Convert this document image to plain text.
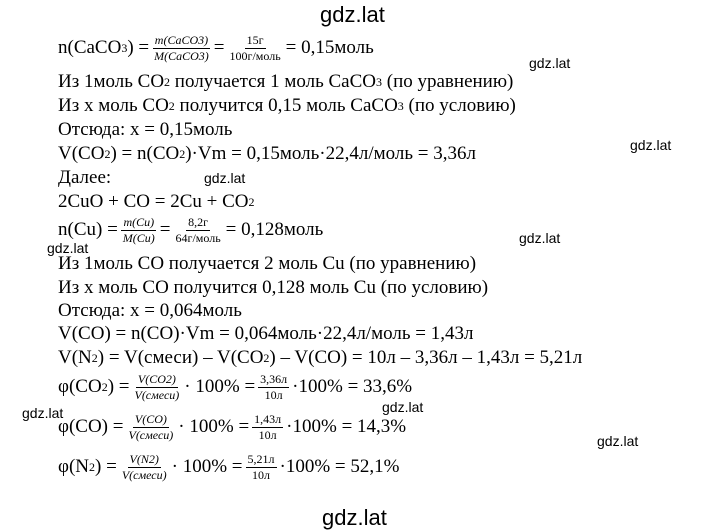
gdz.lat
gdz.lat
gdz.lat
gdz.lat
gdz.lat
gdz.lat
gdz.lat
gdz.lat
gdz.lat
gdz.lat
n(CaCO 3 ) = $\frac{\text{m(CaCO3)}}{\text{M(CaCO3)}} = \frac{15г}{\text{100г/моль}}$ = 0,15моль
Из 1моль CO 2 получается 1 моль CaCO 3 (по уравнению)
Из х моль CO 2 получится 0,15 моль CaCO 3 (по условию)
Отсюда: х = 0,15моль
V(CO 2 ) = n(CO 2 )·Vm = 0,15моль·22,4л/моль = 3,36л
Далее:
2CuO + CO = 2Cu + CO 2
$n(Cu) = \frac{m(Cu)}{M(Cu)} = \frac{8,2г}{\text{64г/моль}}$ = 0,128моль
Из 1моль CO получается 2 моль Cu (по уравнению)
Из х моль CO получится 0,128 моль Cu (по условию)
Отсюда: х = 0,064моль
V(CO) = n(CO)·Vm = 0,064моль·22,4л/моль = 1,43л
V(N 2 ) = V(смеси) – V(CO 2 ) – V(CO) = 10л – 3,36л – 1,43л = 5,21л
φ(CO 2 ) = $\frac{V(CO2)}{\text{V(смеси)}} \cdot 100\% = \frac{3,36л}{10л} \cdot 100\% = 33,6\%$
$\varphi(CO) = \frac{V(CO)}{\text{V(смеси)}} \cdot 100\% = \frac{1,43л}{10л} \cdot 100\% = 14,3\%$
φ(N 2 ) = $\frac{V(N2)}{\text{V(смеси)}} \cdot 100\% = \frac{5,21л}{10л} \cdot 100\% = 52,1\%$
